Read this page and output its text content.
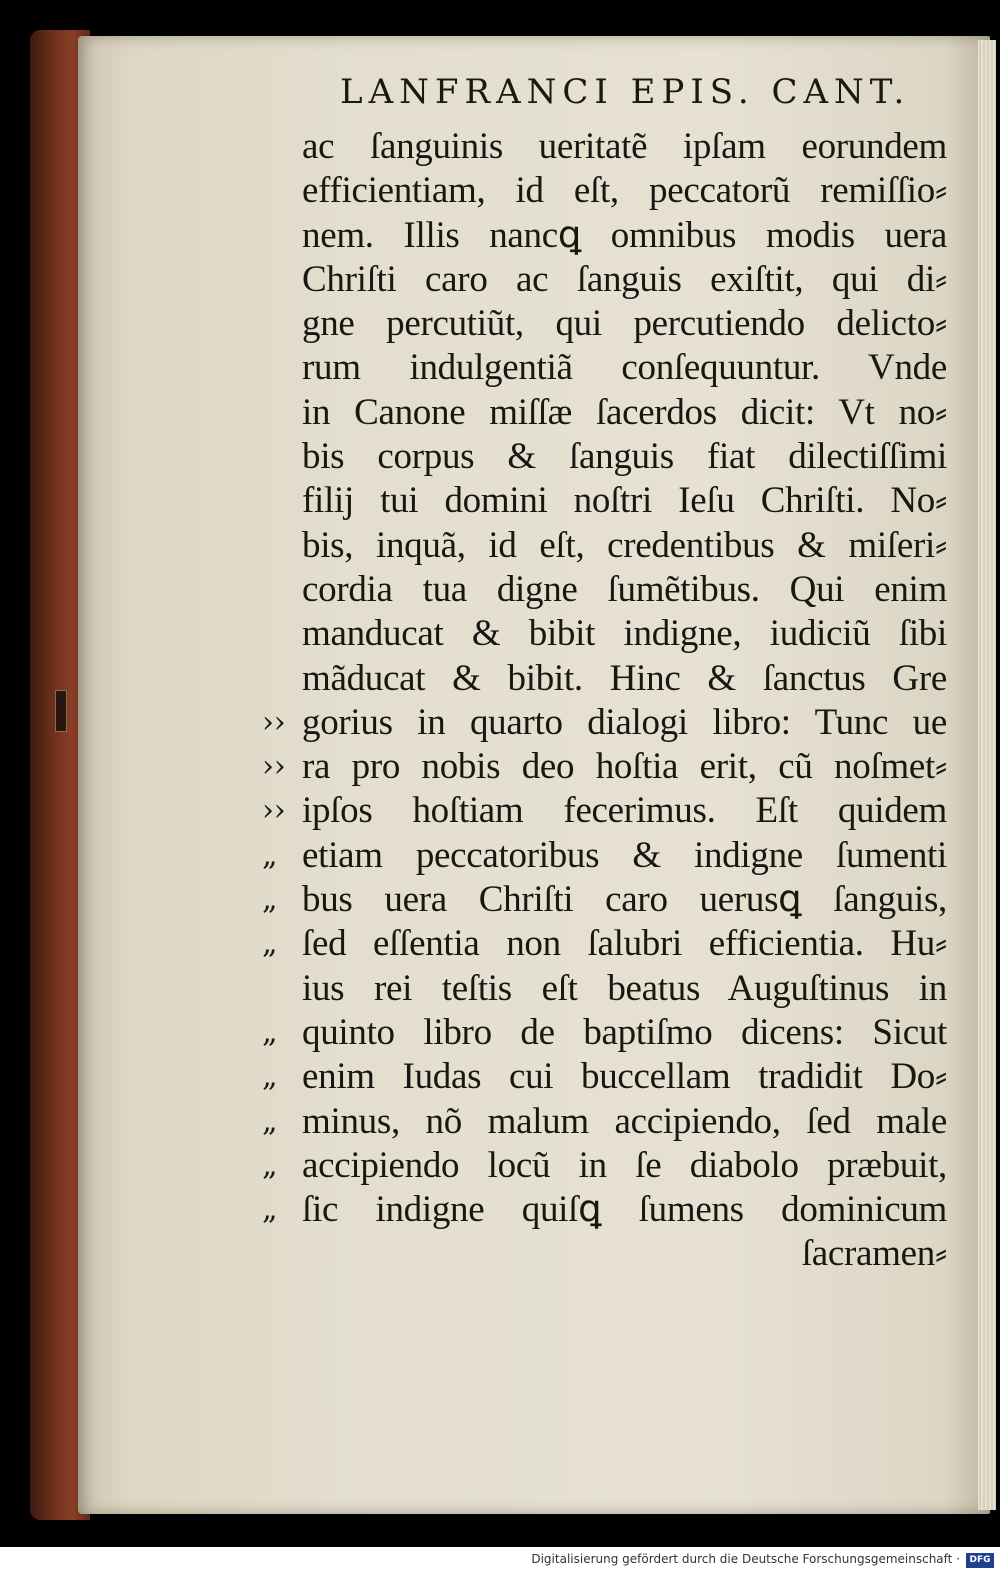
LANFRANCI EPIS. CANT.
ac ſanguinis ueritatẽ ipſam eorundem
efficientiam, id eſt, peccatorũ remiſſio⸗
nem. Illis nancꝗ omnibus modis uera
Chriſti caro ac ſanguis exiſtit, qui di⸗
gne percutiũt, qui percutiendo delicto⸗
rum indulgentiã conſequuntur. Vnde
in Canone miſſæ ſacerdos dicit: Vt no⸗
bis corpus & ſanguis fiat dilectiſſimi
filij tui domini noſtri Ieſu Chriſti. No⸗
bis, inquã, id eſt, credentibus & miſeri⸗
cordia tua digne ſumẽtibus. Qui enim
manducat & bibit indigne, iudiciũ ſibi
mãducat & bibit. Hinc & ſanctus Gre
›› gorius in quarto dialogi libro: Tunc ue
›› ra pro nobis deo hoſtia erit, cũ noſmet⸗
›› ipſos hoſtiam fecerimus. Eſt quidem
„ etiam peccatoribus & indigne ſumenti
„ bus uera Chriſti caro uerusꝗ ſanguis,
„ ſed eſſentia non ſalubri efficientia. Hu⸗
ius rei teſtis eſt beatus Auguſtinus in
„ quinto libro de baptiſmo dicens: Sicut
„ enim Iudas cui buccellam tradidit Do⸗
„ minus, nõ malum accipiendo, ſed male
„ accipiendo locũ in ſe diabolo præbuit,
„ ſic indigne quiſꝗ ſumens dominicum
ſacramen⸗
Digitalisierung gefördert durch die Deutsche Forschungsgemeinschaft ·	DFG
